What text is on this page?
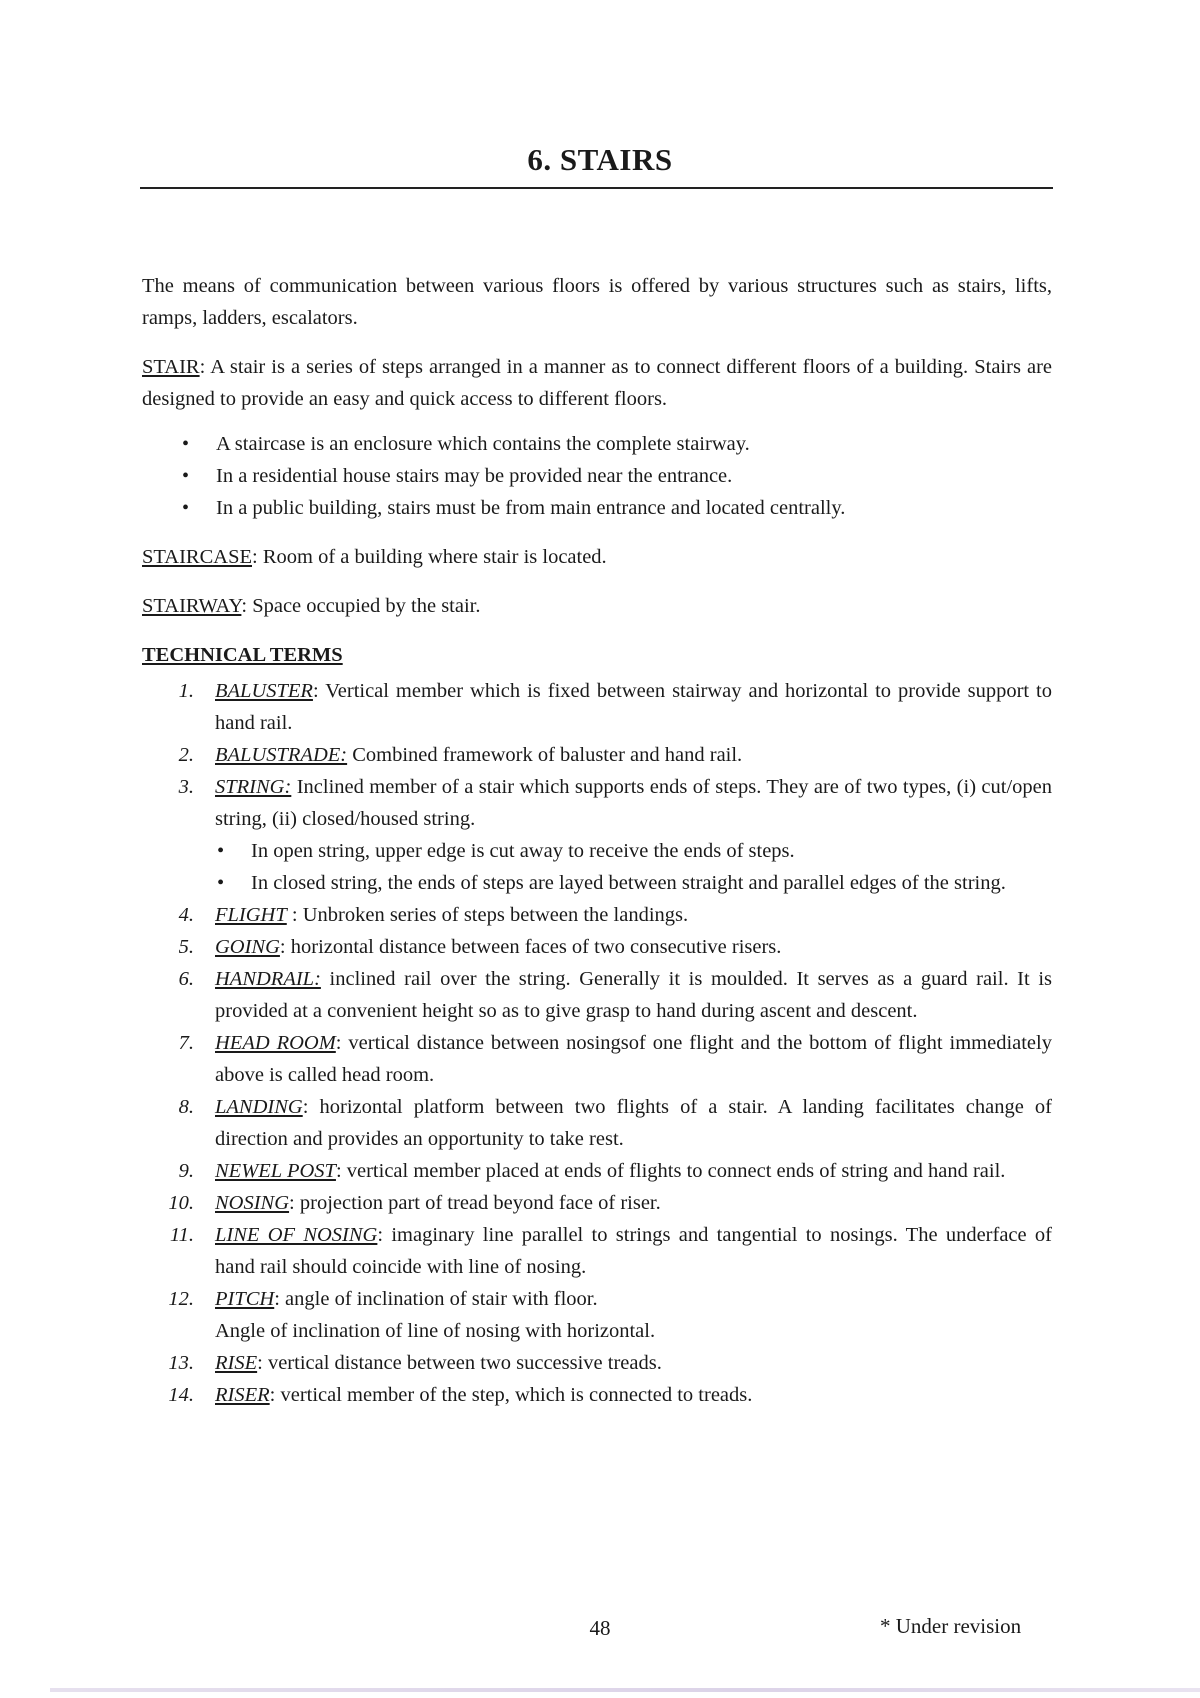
6. STAIRS

The means of communication between various floors is offered by various structures such as stairs, lifts, ramps, ladders, escalators.

STAIR: A stair is a series of steps arranged in a manner as to connect different floors of a building. Stairs are designed to provide an easy and quick access to different floors.

• A staircase is an enclosure which contains the complete stairway.
• In a residential house stairs may be provided near the entrance.
• In a public building, stairs must be from main entrance and located centrally.

STAIRCASE: Room of a building where stair is located.

STAIRWAY: Space occupied by the stair.

TECHNICAL TERMS
1. BALUSTER: Vertical member which is fixed between stairway and horizontal to provide support to hand rail.
2. BALUSTRADE: Combined framework of baluster and hand rail.
3. STRING: Inclined member of a stair which supports ends of steps. They are of two types, (i) cut/open string, (ii) closed/housed string.
• In open string, upper edge is cut away to receive the ends of steps.
• In closed string, the ends of steps are layed between straight and parallel edges of the string.
4. FLIGHT : Unbroken series of steps between the landings.
5. GOING: horizontal distance between faces of two consecutive risers.
6. HANDRAIL: inclined rail over the string. Generally it is moulded. It serves as a guard rail. It is provided at a convenient height so as to give grasp to hand during ascent and descent.
7. HEAD ROOM: vertical distance between nosingsof one flight and the bottom of flight immediately above is called head room.
8. LANDING: horizontal platform between two flights of a stair. A landing facilitates change of direction and provides an opportunity to take rest.
9. NEWEL POST: vertical member placed at ends of flights to connect ends of string and hand rail.
10. NOSING: projection part of tread beyond face of riser.
11. LINE OF NOSING: imaginary line parallel to strings and tangential to nosings. The underface of hand rail should coincide with line of nosing.
12. PITCH: angle of inclination of stair with floor.
Angle of inclination of line of nosing with horizontal.
13. RISE: vertical distance between two successive treads.
14. RISER: vertical member of the step, which is connected to treads.
48	* Under revision
